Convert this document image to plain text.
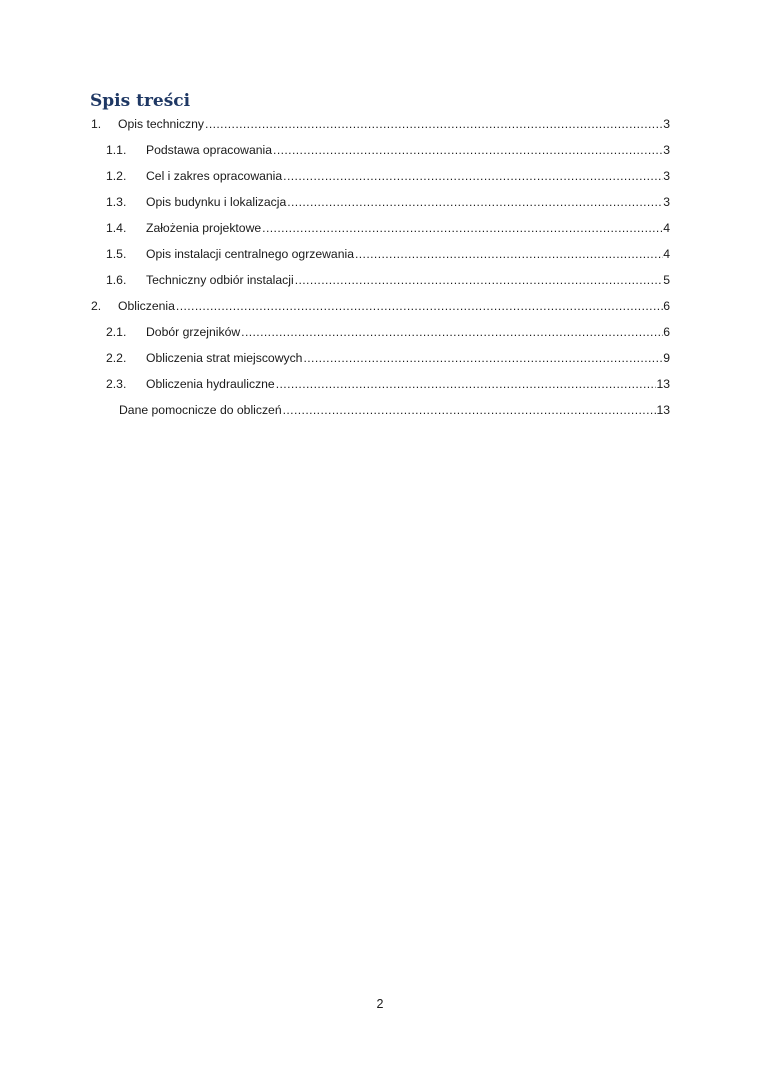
Spis treści
1.	Opis techniczny .....	3
1.1.	Podstawa opracowania .....	3
1.2.	Cel i zakres opracowania .....	3
1.3.	Opis budynku i lokalizacja .....	3
1.4.	Założenia projektowe .....	4
1.5.	Opis instalacji centralnego ogrzewania .....	4
1.6.	Techniczny odbiór instalacji .....	5
2.	Obliczenia .....	6
2.1.	Dobór grzejników .....	6
2.2.	Obliczenia strat miejscowych .....	9
2.3.	Obliczenia hydrauliczne .....	13
Dane pomocnicze do obliczeń .....	13
2
